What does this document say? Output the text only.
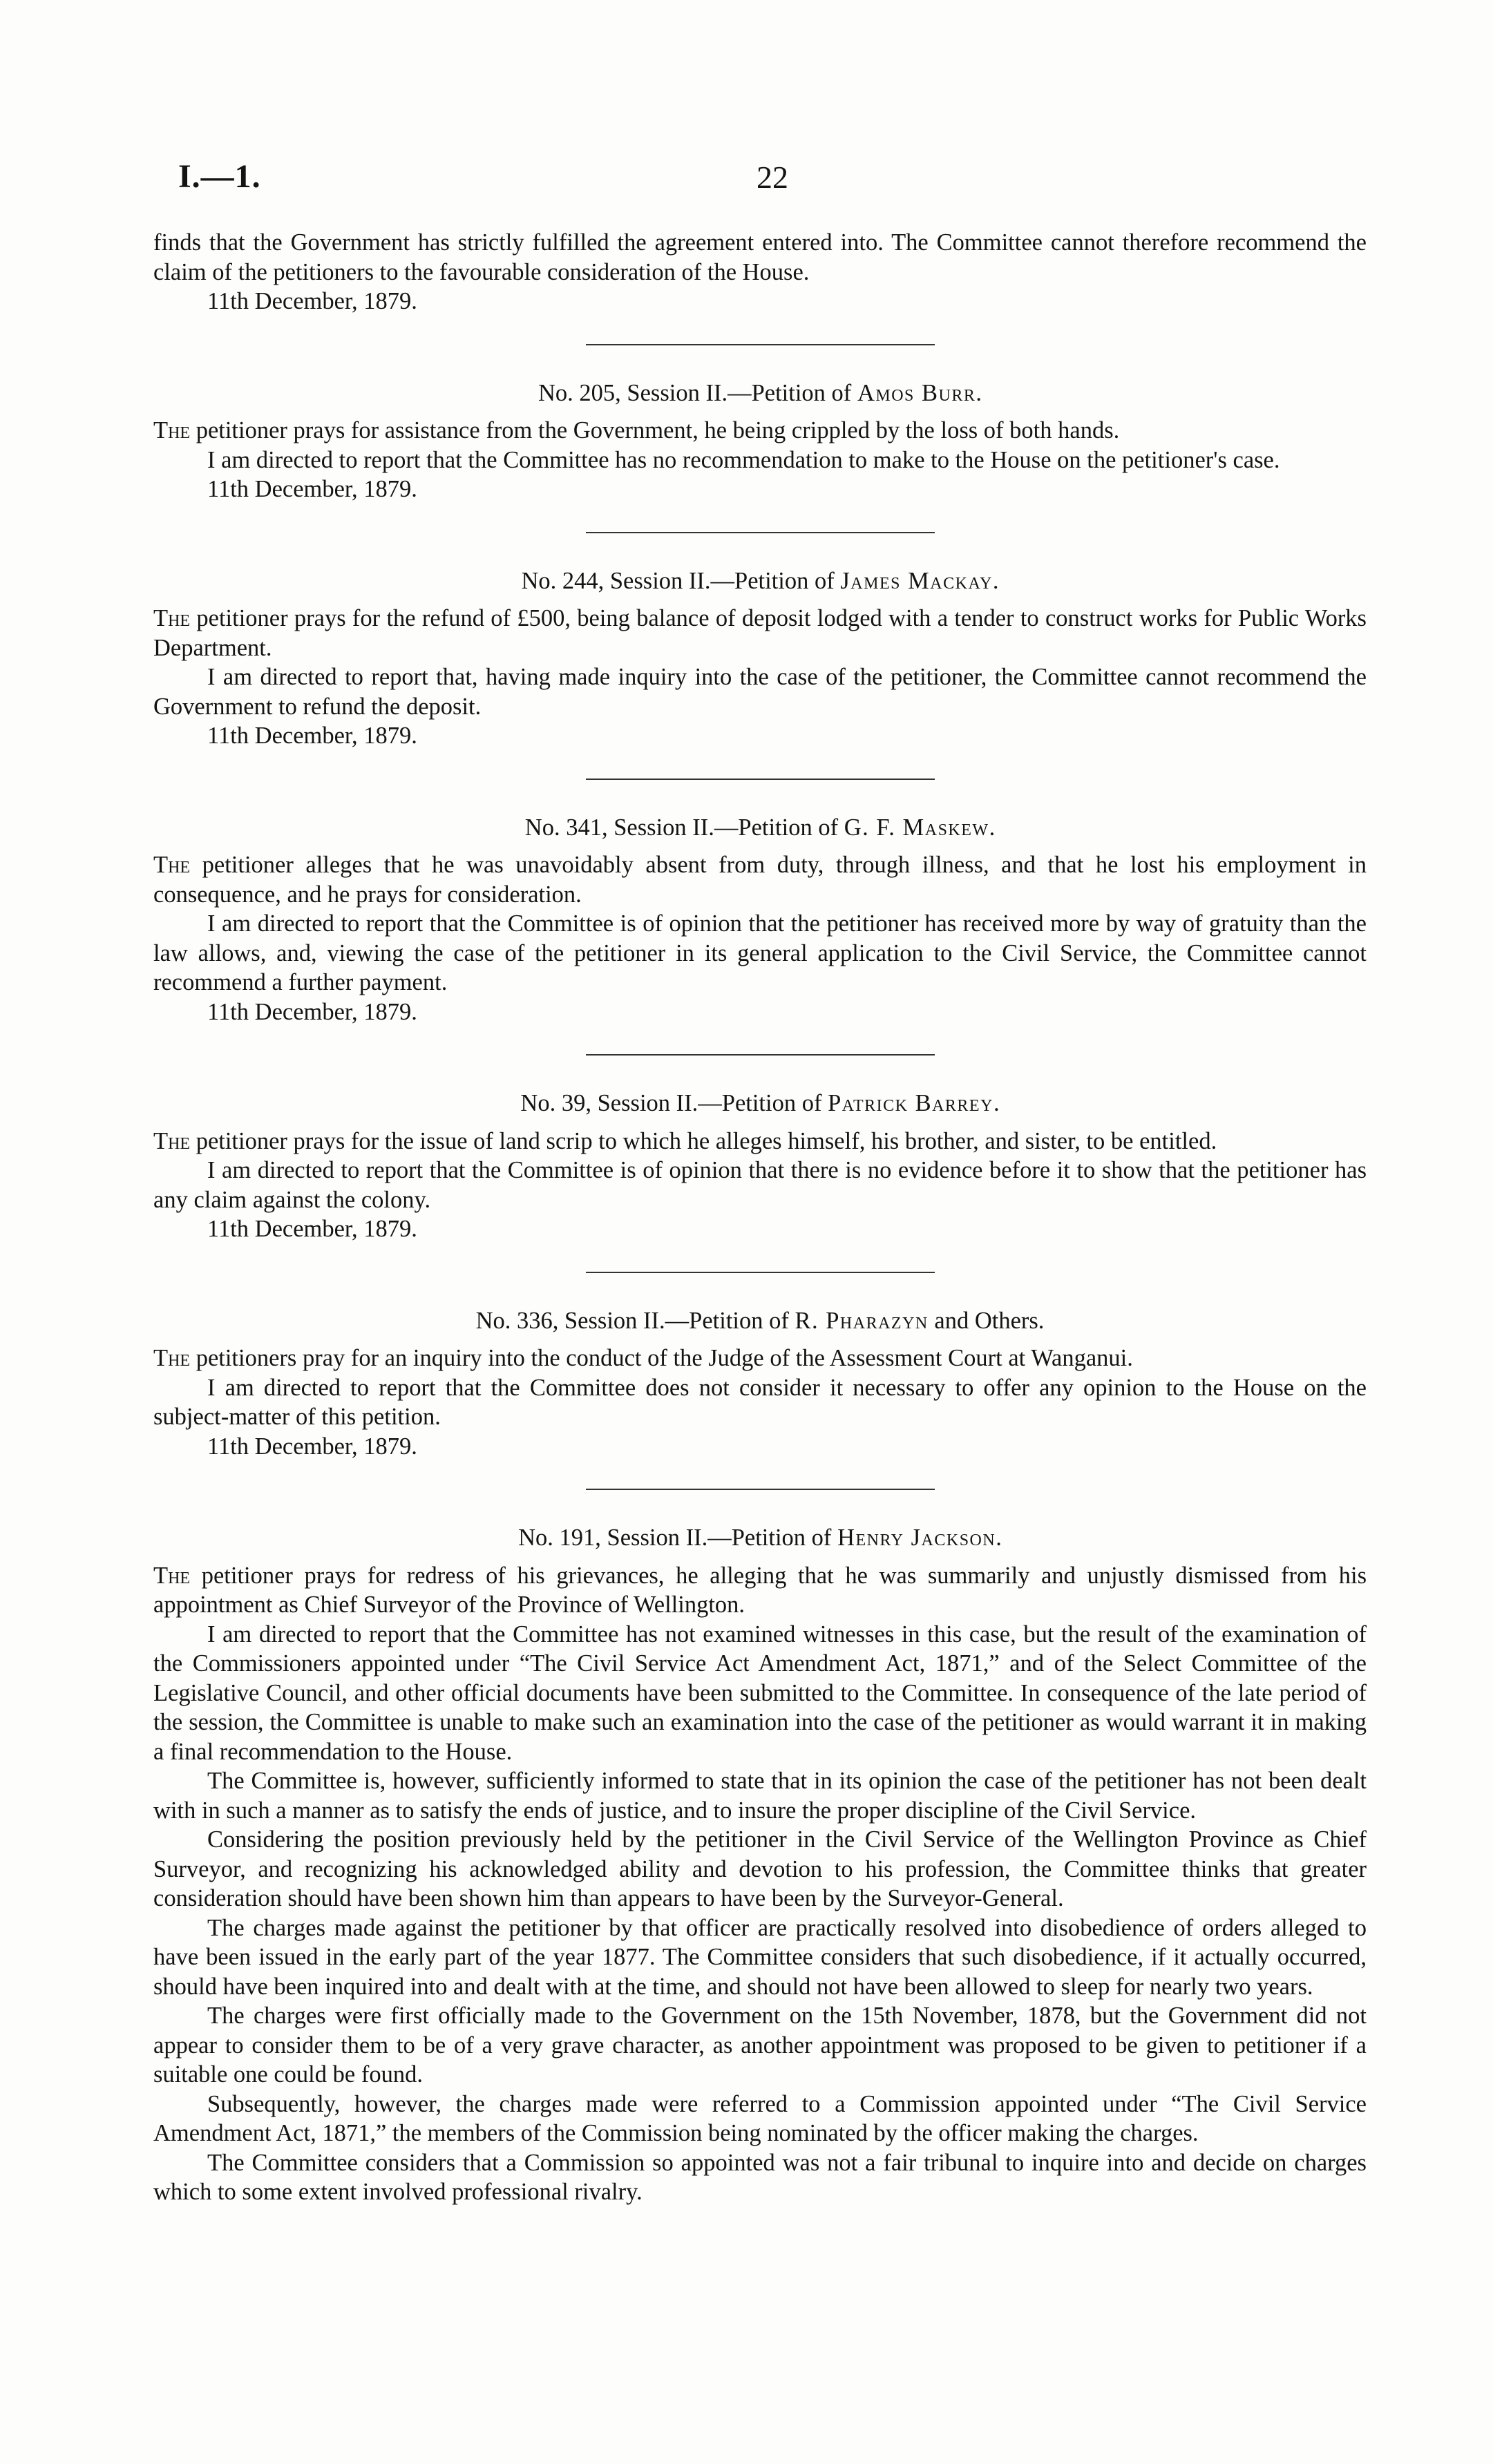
I.—1.	22

finds that the Government has strictly fulfilled the agreement entered into. The Committee cannot therefore recommend the claim of the petitioners to the favourable consideration of the House.

11th December, 1879.

No. 205, Session II.—Petition of Amos Burr.

The petitioner prays for assistance from the Government, he being crippled by the loss of both hands.

I am directed to report that the Committee has no recommendation to make to the House on the petitioner's case.

11th December, 1879.

No. 244, Session II.—Petition of James Mackay.

The petitioner prays for the refund of £500, being balance of deposit lodged with a tender to construct works for Public Works Department.

I am directed to report that, having made inquiry into the case of the petitioner, the Committee cannot recommend the Government to refund the deposit.

11th December, 1879.

No. 341, Session II.—Petition of G. F. Maskew.

The petitioner alleges that he was unavoidably absent from duty, through illness, and that he lost his employment in consequence, and he prays for consideration.

I am directed to report that the Committee is of opinion that the petitioner has received more by way of gratuity than the law allows, and, viewing the case of the petitioner in its general application to the Civil Service, the Committee cannot recommend a further payment.

11th December, 1879.

No. 39, Session II.—Petition of Patrick Barrey.

The petitioner prays for the issue of land scrip to which he alleges himself, his brother, and sister, to be entitled.

I am directed to report that the Committee is of opinion that there is no evidence before it to show that the petitioner has any claim against the colony.

11th December, 1879.

No. 336, Session II.—Petition of R. Pharazyn and Others.

The petitioners pray for an inquiry into the conduct of the Judge of the Assessment Court at Wanganui.

I am directed to report that the Committee does not consider it necessary to offer any opinion to the House on the subject-matter of this petition.

11th December, 1879.

No. 191, Session II.—Petition of Henry Jackson.

The petitioner prays for redress of his grievances, he alleging that he was summarily and unjustly dismissed from his appointment as Chief Surveyor of the Province of Wellington.

I am directed to report that the Committee has not examined witnesses in this case, but the result of the examination of the Commissioners appointed under “The Civil Service Act Amendment Act, 1871,” and of the Select Committee of the Legislative Council, and other official documents have been submitted to the Committee. In consequence of the late period of the session, the Committee is unable to make such an examination into the case of the petitioner as would warrant it in making a final recommendation to the House.

The Committee is, however, sufficiently informed to state that in its opinion the case of the petitioner has not been dealt with in such a manner as to satisfy the ends of justice, and to insure the proper discipline of the Civil Service.

Considering the position previously held by the petitioner in the Civil Service of the Wellington Province as Chief Surveyor, and recognizing his acknowledged ability and devotion to his profession, the Committee thinks that greater consideration should have been shown him than appears to have been by the Surveyor-General.

The charges made against the petitioner by that officer are practically resolved into disobedience of orders alleged to have been issued in the early part of the year 1877. The Committee considers that such disobedience, if it actually occurred, should have been inquired into and dealt with at the time, and should not have been allowed to sleep for nearly two years.

The charges were first officially made to the Government on the 15th November, 1878, but the Government did not appear to consider them to be of a very grave character, as another appointment was proposed to be given to petitioner if a suitable one could be found.

Subsequently, however, the charges made were referred to a Commission appointed under “The Civil Service Amendment Act, 1871,” the members of the Commission being nominated by the officer making the charges.

The Committee considers that a Commission so appointed was not a fair tribunal to inquire into and decide on charges which to some extent involved professional rivalry.
